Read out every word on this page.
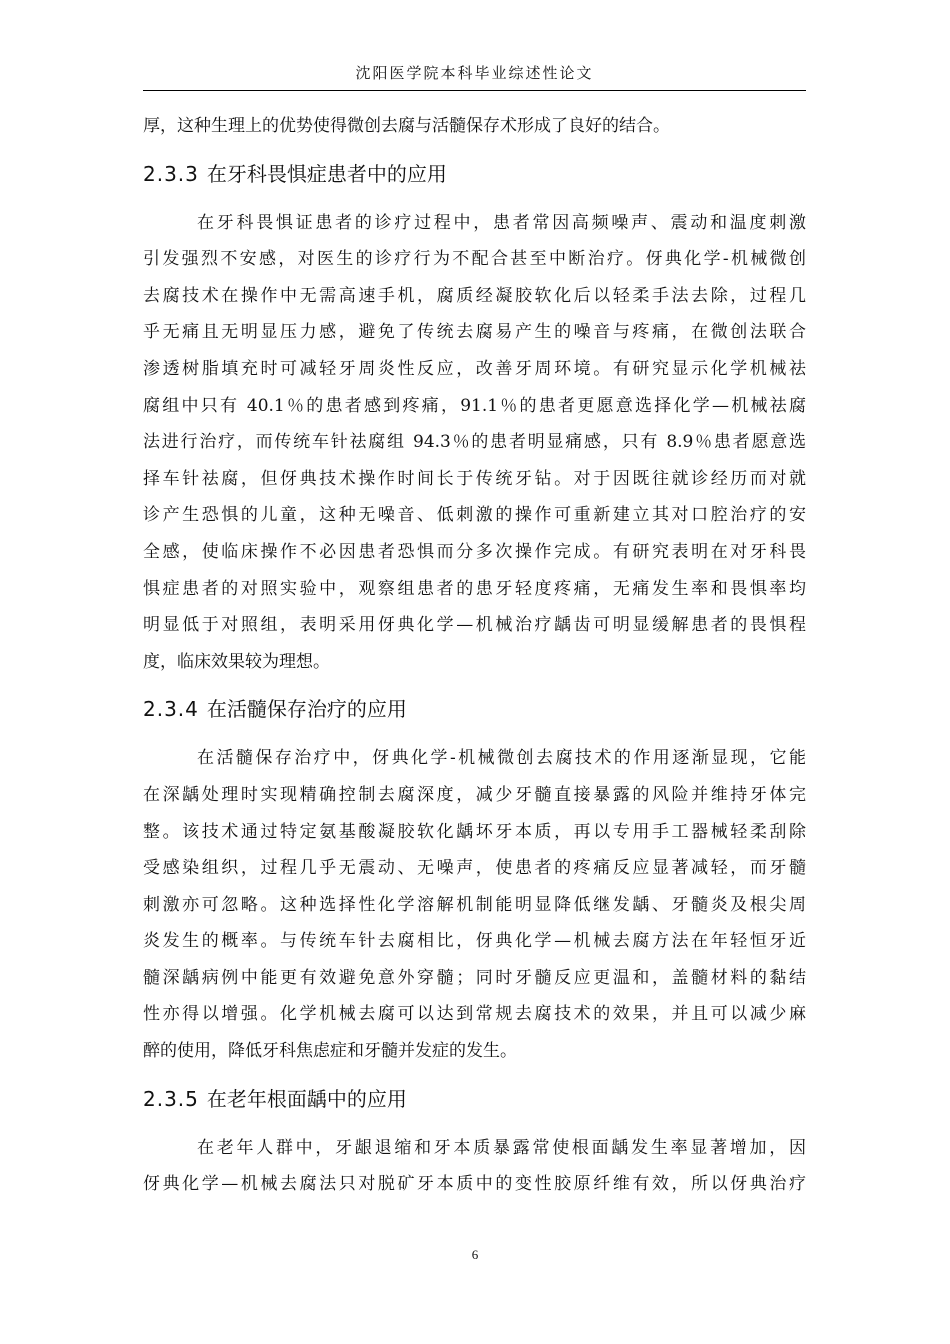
沈阳医学院本科毕业综述性论文
厚，这种生理上的优势使得微创去腐与活髓保存术形成了良好的结合。
2.3.3 在牙科畏惧症患者中的应用
在牙科畏惧证患者的诊疗过程中，患者常因高频噪声、震动和温度刺激
引发强烈不安感，对医生的诊疗行为不配合甚至中断治疗。伢典化学-机械微创
去腐技术在操作中无需高速手机，腐质经凝胶软化后以轻柔手法去除，过程几
乎无痛且无明显压力感，避免了传统去腐易产生的噪音与疼痛，在微创法联合
渗透树脂填充时可减轻牙周炎性反应，改善牙周环境。有研究显示化学机械祛
腐组中只有 40.1％的患者感到疼痛，91.1％的患者更愿意选择化学—机械祛腐
法进行治疗，而传统车针祛腐组 94.3％的患者明显痛感，只有 8.9％患者愿意选
择车针祛腐，但伢典技术操作时间长于传统牙钻。对于因既往就诊经历而对就
诊产生恐惧的儿童，这种无噪音、低刺激的操作可重新建立其对口腔治疗的安
全感，使临床操作不必因患者恐惧而分多次操作完成。有研究表明在对牙科畏
惧症患者的对照实验中，观察组患者的患牙轻度疼痛，无痛发生率和畏惧率均
明显低于对照组，表明采用伢典化学—机械治疗龋齿可明显缓解患者的畏惧程
度，临床效果较为理想。
2.3.4 在活髓保存治疗的应用
在活髓保存治疗中，伢典化学-机械微创去腐技术的作用逐渐显现，它能
在深龋处理时实现精确控制去腐深度，减少牙髓直接暴露的风险并维持牙体完
整。该技术通过特定氨基酸凝胶软化龋坏牙本质，再以专用手工器械轻柔刮除
受感染组织，过程几乎无震动、无噪声，使患者的疼痛反应显著减轻，而牙髓
刺激亦可忽略。这种选择性化学溶解机制能明显降低继发龋、牙髓炎及根尖周
炎发生的概率。与传统车针去腐相比，伢典化学—机械去腐方法在年轻恒牙近
髓深龋病例中能更有效避免意外穿髓；同时牙髓反应更温和，盖髓材料的黏结
性亦得以增强。化学机械去腐可以达到常规去腐技术的效果，并且可以减少麻
醉的使用，降低牙科焦虑症和牙髓并发症的发生。
2.3.5 在老年根面龋中的应用
在老年人群中，牙龈退缩和牙本质暴露常使根面龋发生率显著增加，因
伢典化学—机械去腐法只对脱矿牙本质中的变性胶原纤维有效，所以伢典治疗
6
